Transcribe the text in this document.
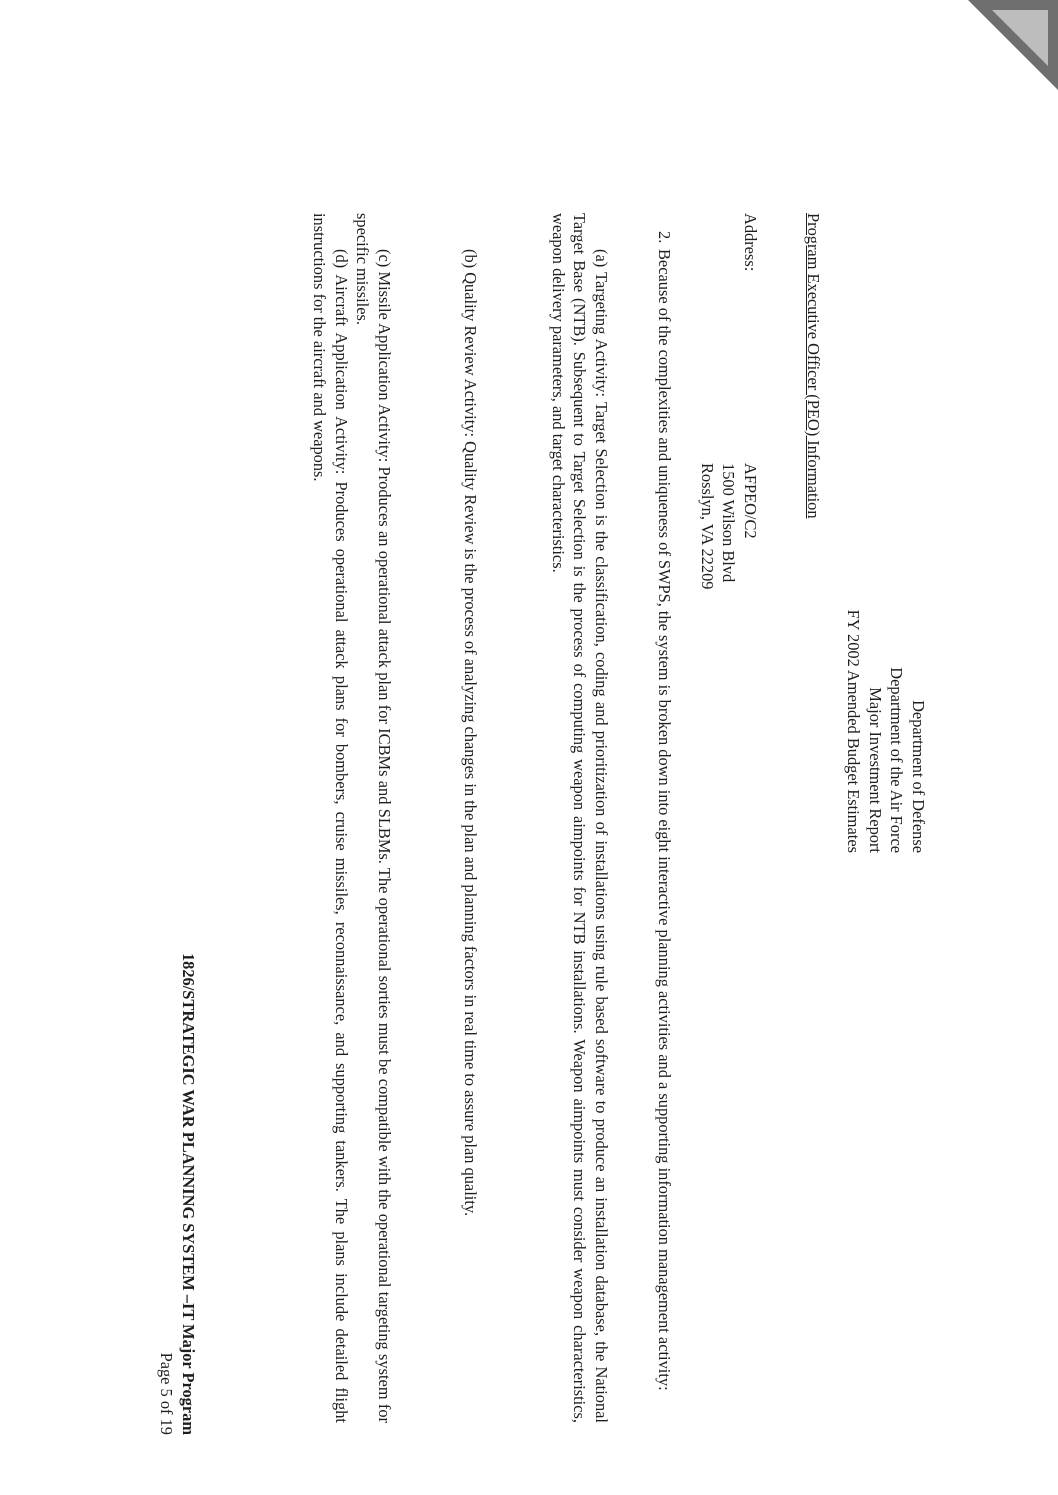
Department of Defense
Department of the Air Force
Major Investment Report
FY 2002 Amended Budget Estimates
Program Executive Officer (PEO) Information
Address:
AFPEO/C2
1500 Wilson Blvd
Rosslyn, VA 22209
2.Because of the complexities and uniqueness of SWPS, the system is broken down into eight interactive planning activities and a supporting information management activity:
(a) Targeting Activity: Target Selection is the classification, coding and prioritization of installations using rule based software to produce an installation database, the National Target Base (NTB). Subsequent to Target Selection is the process of computing weapon aimpoints for NTB installations. Weapon aimpoints must consider weapon characteristics, weapon delivery parameters, and target characteristics.
(b) Quality Review Activity: Quality Review is the process of analyzing changes in the plan and planning factors in real time to assure plan quality.
(c) Missile Application Activity: Produces an operational attack plan for ICBMs and SLBMs. The operational sorties must be compatible with the operational targeting system for specific missiles.
(d) Aircraft Application Activity: Produces operational attack plans for bombers, cruise missiles, reconnaissance, and supporting tankers. The plans include detailed flight instructions for the aircraft and weapons.
1826/STRATEGIC WAR PLANNING SYSTEM –IT Major Program
Page 5 of 19
